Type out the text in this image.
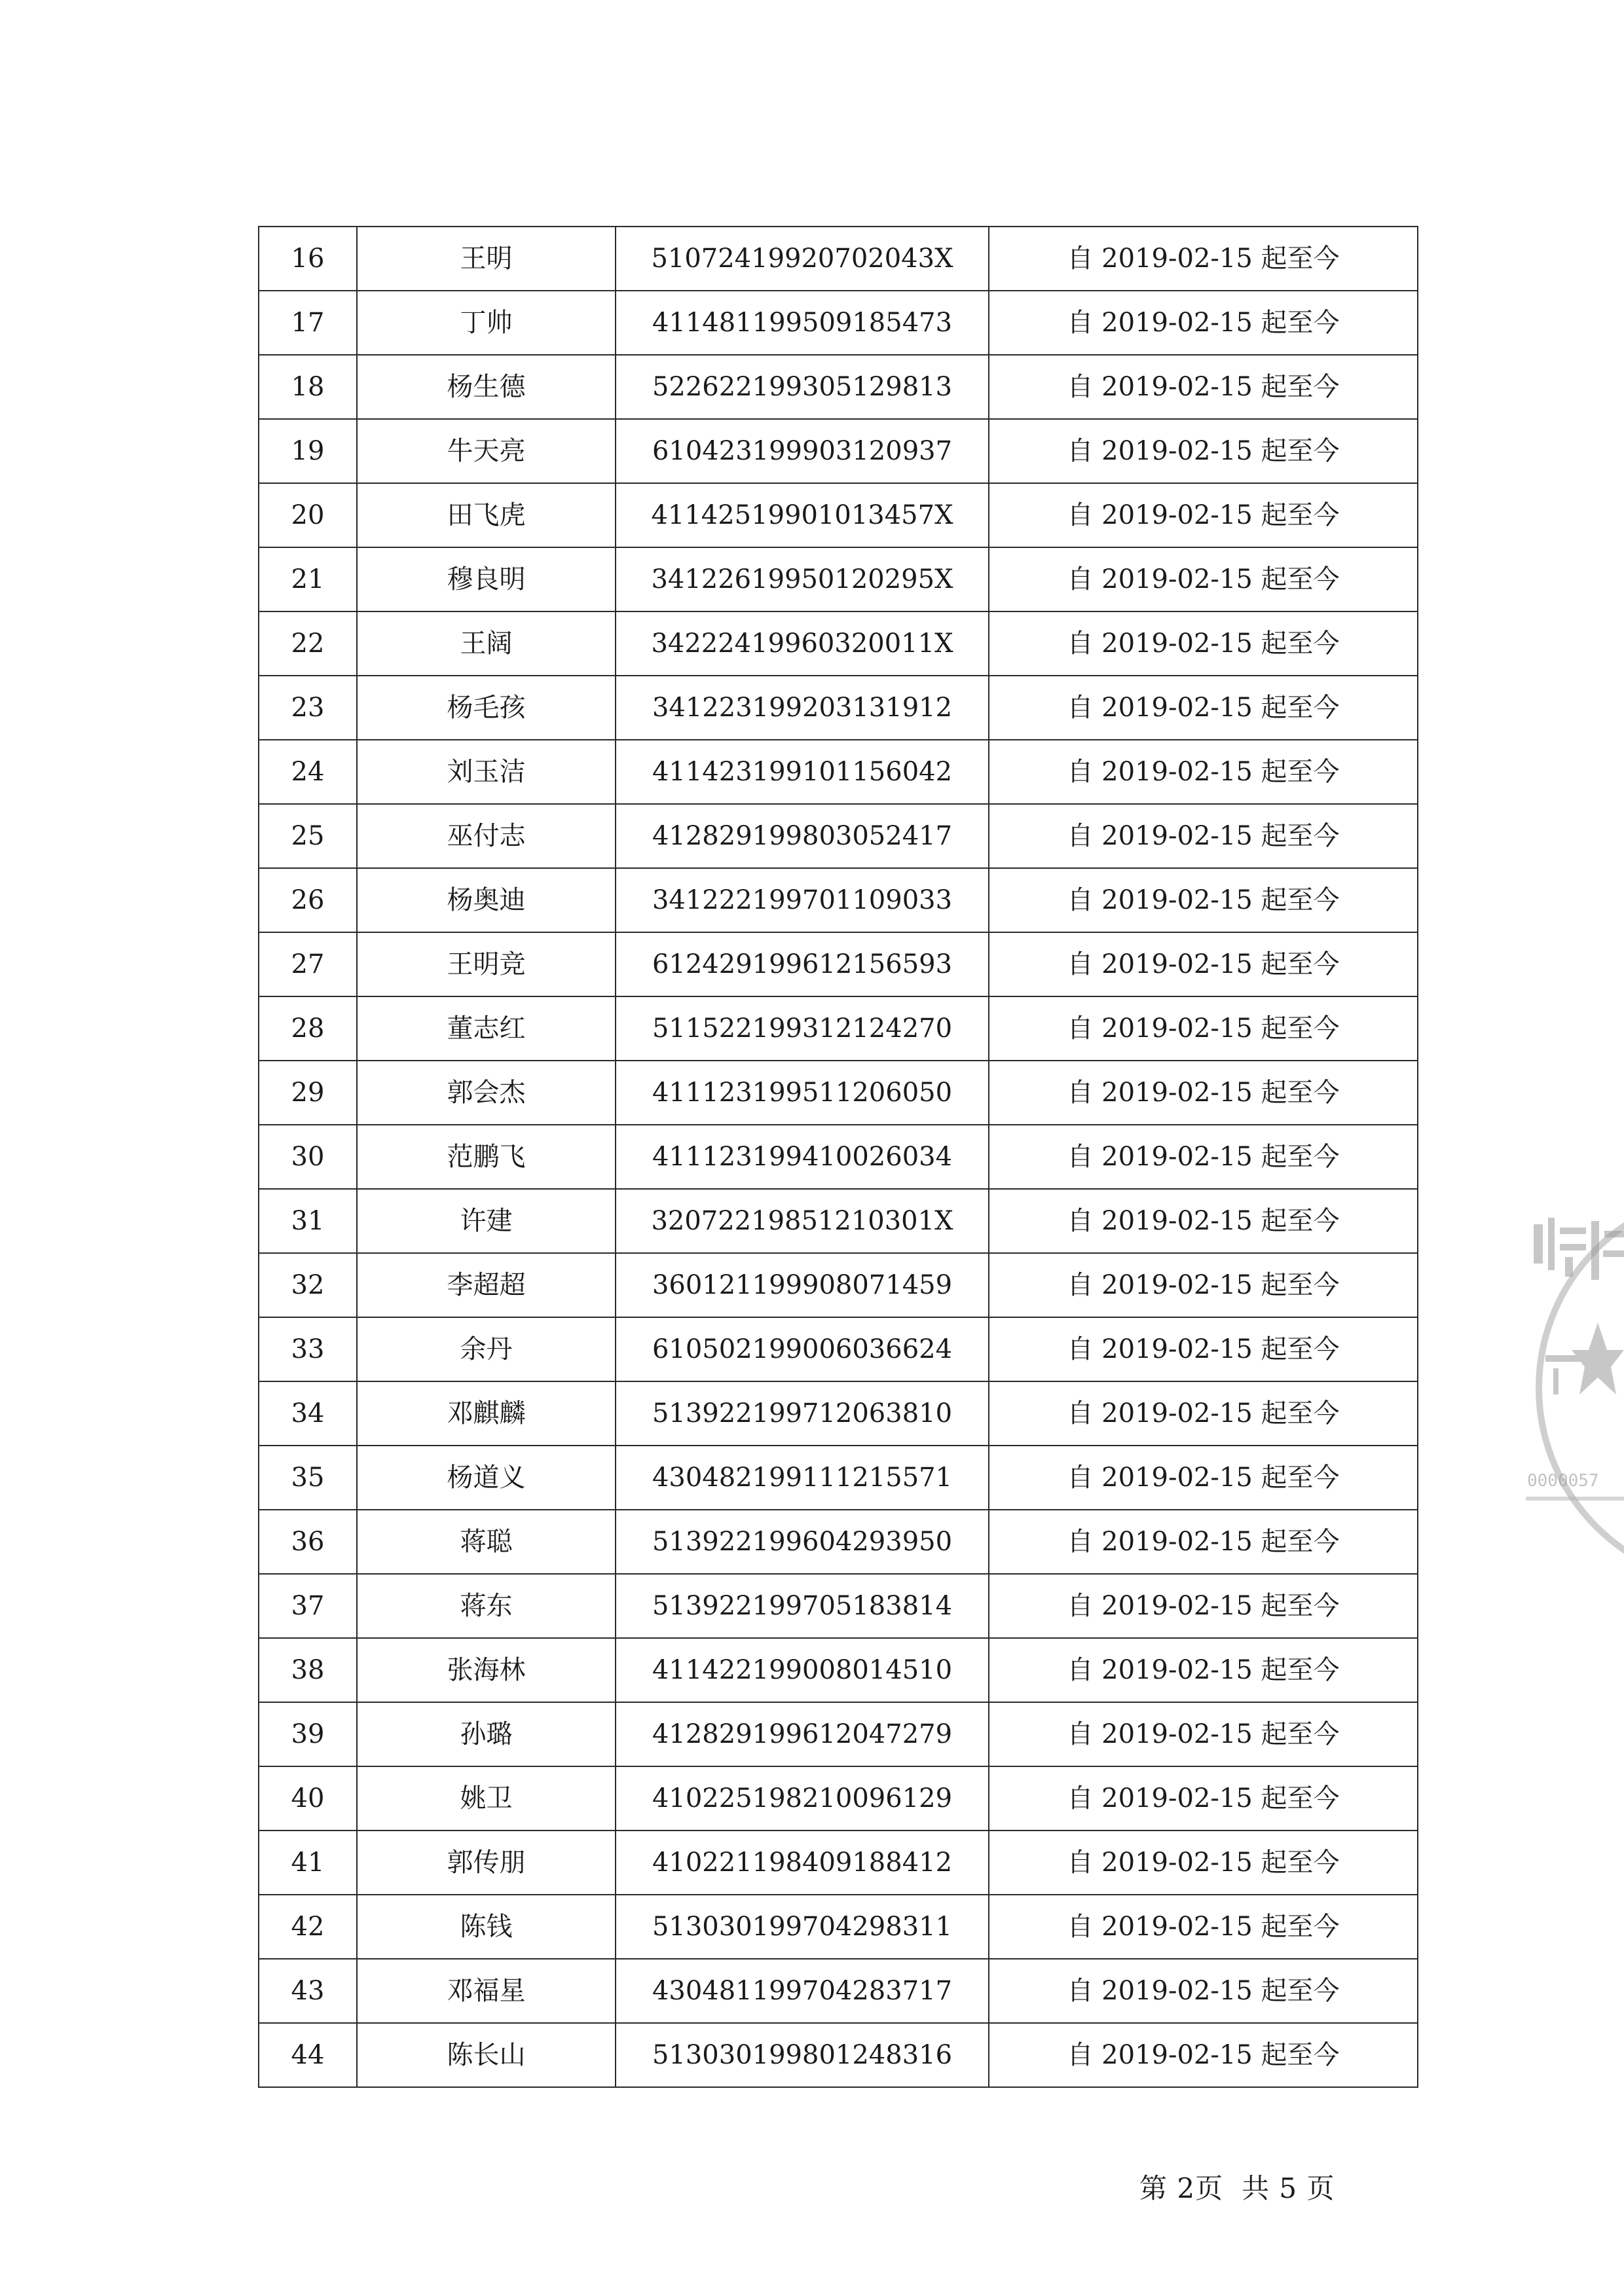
16	王明	51072419920702043X	自 2019-02-15 起至今
17	丁帅	411481199509185473	自 2019-02-15 起至今
18	杨生德	522622199305129813	自 2019-02-15 起至今
19	牛天亮	610423199903120937	自 2019-02-15 起至今
20	田飞虎	41142519901013457X	自 2019-02-15 起至今
21	穆良明	34122619950120295X	自 2019-02-15 起至今
22	王阔	34222419960320011X	自 2019-02-15 起至今
23	杨毛孩	341223199203131912	自 2019-02-15 起至今
24	刘玉洁	411423199101156042	自 2019-02-15 起至今
25	巫付志	412829199803052417	自 2019-02-15 起至今
26	杨奥迪	341222199701109033	自 2019-02-15 起至今
27	王明竞	612429199612156593	自 2019-02-15 起至今
28	董志红	511522199312124270	自 2019-02-15 起至今
29	郭会杰	411123199511206050	自 2019-02-15 起至今
30	范鹏飞	411123199410026034	自 2019-02-15 起至今
31	许建	32072219851210301X	自 2019-02-15 起至今
32	李超超	360121199908071459	自 2019-02-15 起至今
33	余丹	610502199006036624	自 2019-02-15 起至今
34	邓麒麟	513922199712063810	自 2019-02-15 起至今
35	杨道义	430482199111215571	自 2019-02-15 起至今
36	蒋聪	513922199604293950	自 2019-02-15 起至今
37	蒋东	513922199705183814	自 2019-02-15 起至今
38	张海林	411422199008014510	自 2019-02-15 起至今
39	孙璐	412829199612047279	自 2019-02-15 起至今
40	姚卫	410225198210096129	自 2019-02-15 起至今
41	郭传朋	410221198409188412	自 2019-02-15 起至今
42	陈钱	513030199704298311	自 2019-02-15 起至今
43	邓福星	430481199704283717	自 2019-02-15 起至今
44	陈长山	513030199801248316	自 2019-02-15 起至今
第 2页 共 5 页
0000057
